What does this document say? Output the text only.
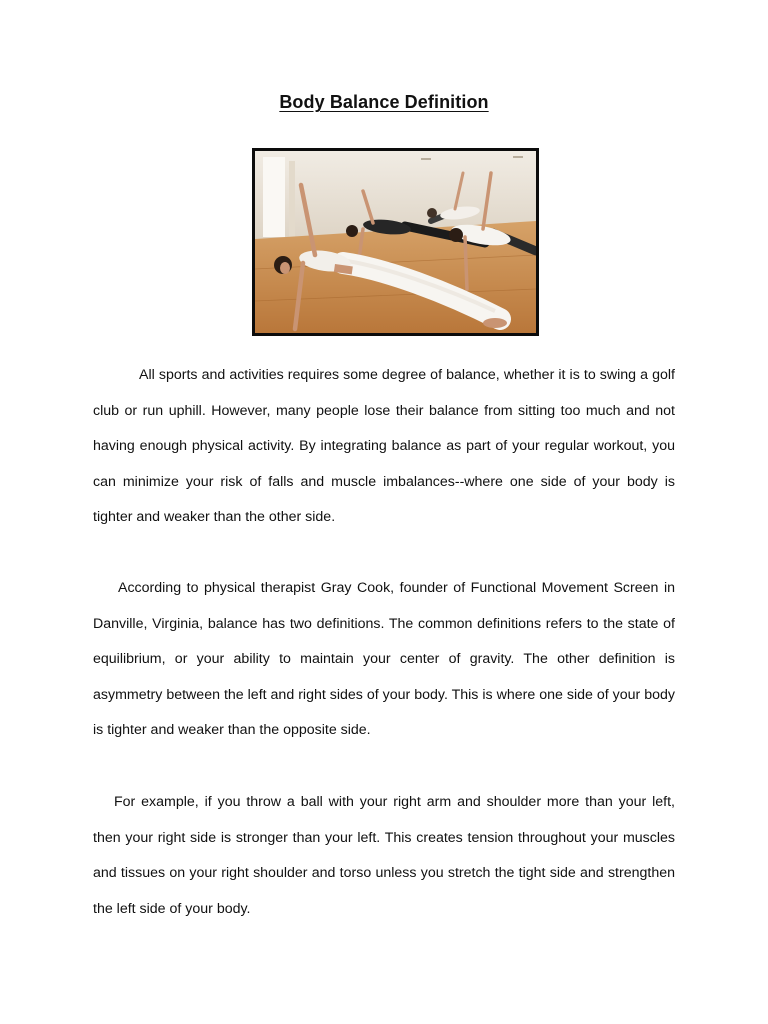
Body Balance Definition

All sports and activities requires some degree of balance, whether it is to swing a golf club or run uphill. However, many people lose their balance from sitting too much and not having enough physical activity. By integrating balance as part of your regular workout, you can minimize your risk of falls and muscle imbalances--where one side of your body is tighter and weaker than the other side.

According to physical therapist Gray Cook, founder of Functional Movement Screen in Danville, Virginia, balance has two definitions. The common definitions refers to the state of equilibrium, or your ability to maintain your center of gravity. The other definition is asymmetry between the left and right sides of your body. This is where one side of your body is tighter and weaker than the opposite side.

For example, if you throw a ball with your right arm and shoulder more than your left, then your right side is stronger than your left. This creates tension throughout your muscles and tissues on your right shoulder and torso unless you stretch the tight side and strengthen the left side of your body.
